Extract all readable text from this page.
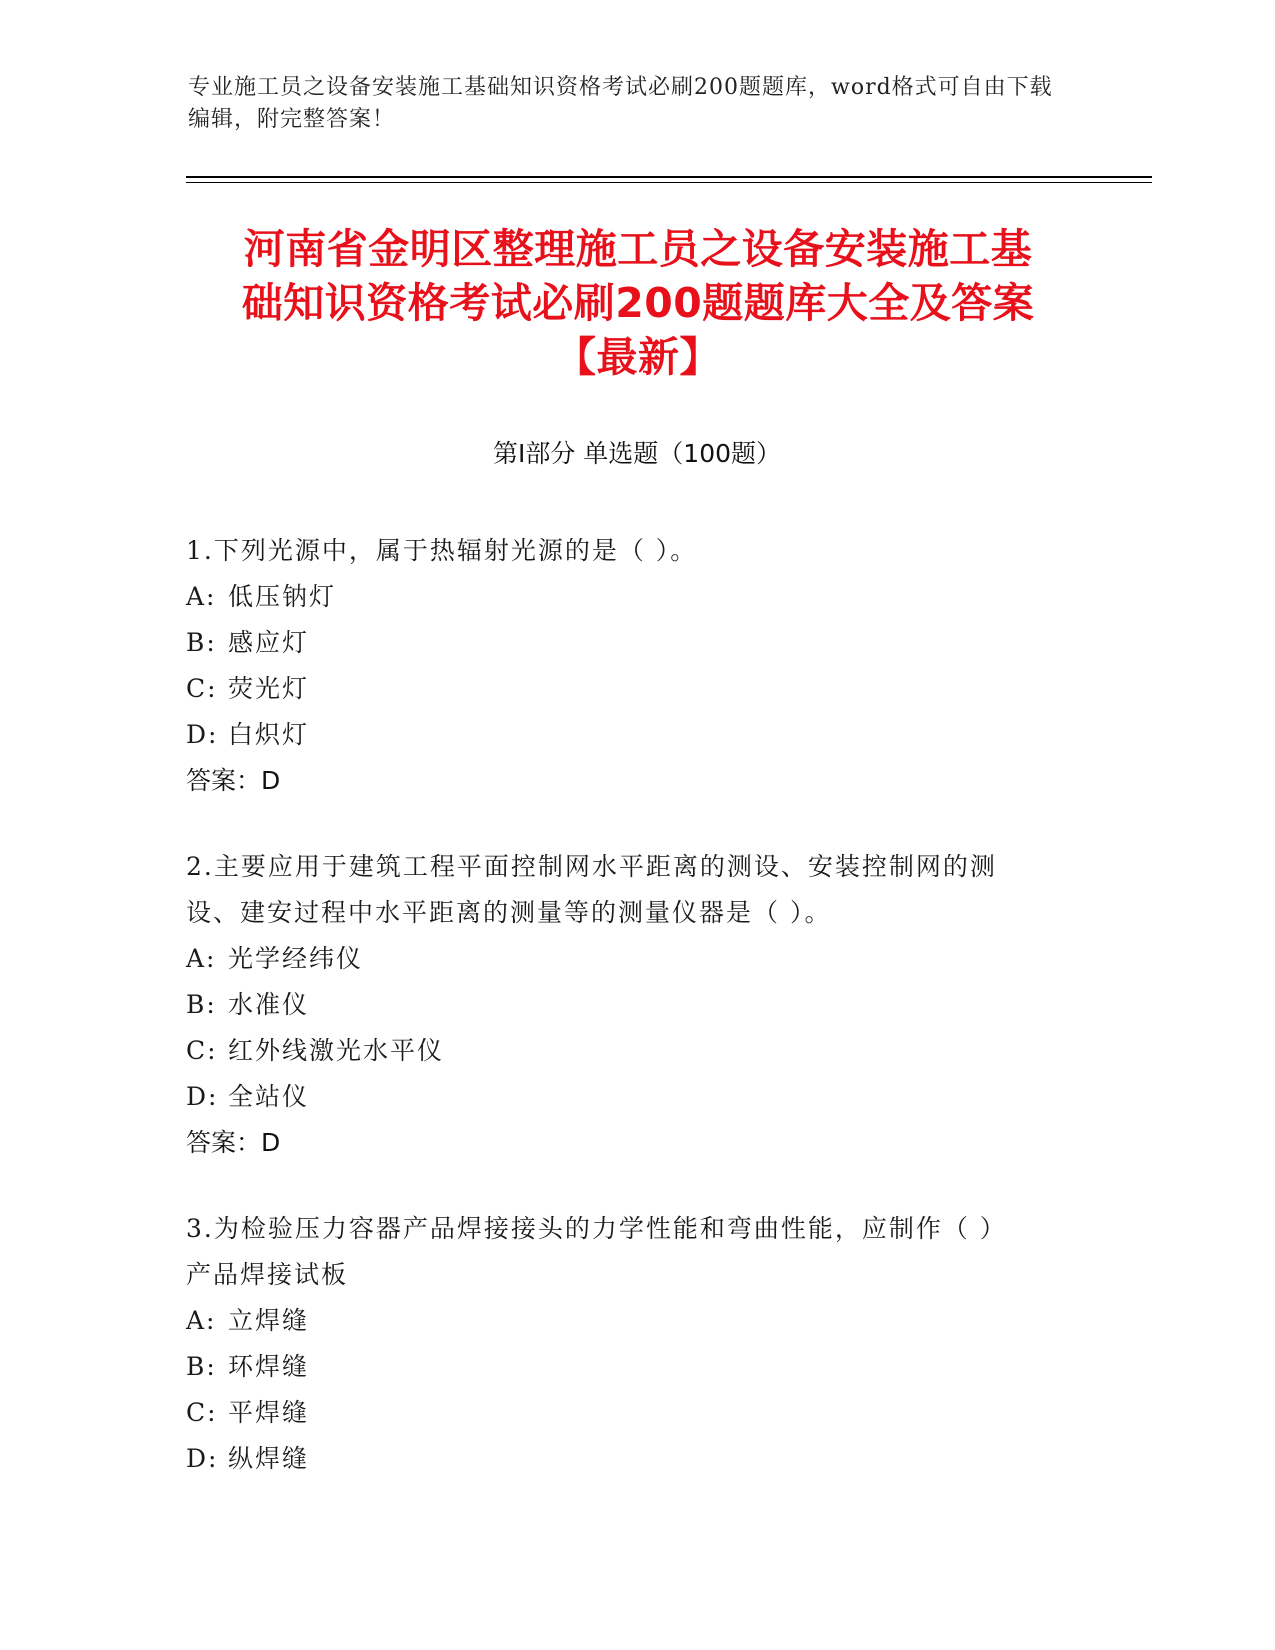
专业施工员之设备安装施工基础知识资格考试必刷200题题库，word格式可自由下载编辑，附完整答案！
河南省金明区整理施工员之设备安装施工基
础知识资格考试必刷200题题库大全及答案
【最新】
第Ⅰ部分 单选题（100题）
1.下列光源中，属于热辐射光源的是（ ）。
A: 低压钠灯
B: 感应灯
C: 荧光灯
D: 白炽灯
答案：D
2.主要应用于建筑工程平面控制网水平距离的测设、安装控制网的测
设、建安过程中水平距离的测量等的测量仪器是（ ）。
A: 光学经纬仪
B: 水准仪
C: 红外线激光水平仪
D: 全站仪
答案：D
3.为检验压力容器产品焊接接头的力学性能和弯曲性能，应制作（ ）
产品焊接试板
A: 立焊缝
B: 环焊缝
C: 平焊缝
D: 纵焊缝
